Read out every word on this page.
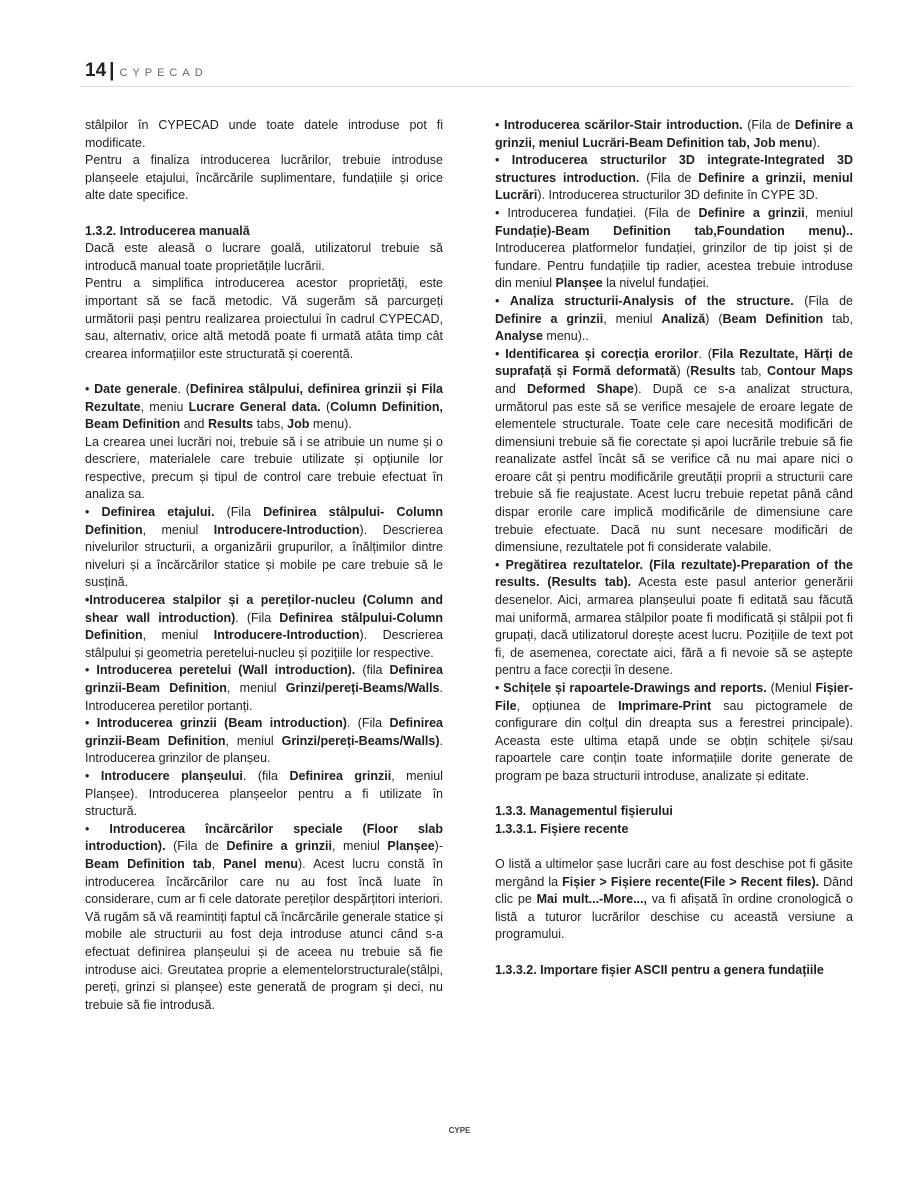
14 | CYPECAD

stâlpilor în CYPECAD unde toate datele introduse pot fi modificate.

Pentru a finaliza introducerea lucrărilor, trebuie introduse planșeele etajului, încărcările suplimentare, fundațiile și orice alte date specifice.

1.3.2. Introducerea manuală

Dacă este aleasă o lucrare goală, utilizatorul trebuie să introducă manual toate proprietățile lucrării.

Pentru a simplifica introducerea acestor proprietăți, este important să se facă metodic. Vă sugerăm să parcurgeți următorii pași pentru realizarea proiectului în cadrul CYPECAD, sau, alternativ, orice altă metodă poate fi urmată atâta timp cât crearea informațiilor este structurată și coerentă.

• Date generale. (Definirea stâlpului, definirea grinzii și Fila Rezultate, meniu Lucrare General data. (Column Definition, Beam Definition and Results tabs, Job menu).

La crearea unei lucrări noi, trebuie să i se atribuie un nume și o descriere, materialele care trebuie utilizate și opțiunile lor respective, precum și tipul de control care trebuie efectuat în analiza sa.

• Definirea etajului. (Fila Definirea stâlpului- Column Definition, meniul Introducere-Introduction). Descrierea nivelurilor structurii, a organizării grupurilor, a înălțimilor dintre niveluri și a încărcărilor statice și mobile pe care trebuie să le susțină.

•Introducerea stalpilor și a pereților-nucleu (Column and shear wall introduction). (Fila Definirea stâlpului-Column Definition, meniul Introducere-Introduction). Descrierea stâlpului și geometria peretelui-nucleu și pozițiile lor respective.

• Introducerea peretelui (Wall introduction). (fila Definirea grinzii-Beam Definition, meniul Grinzi/pereți-Beams/Walls. Introducerea peretilor portanți.

• Introducerea grinzii (Beam introduction). (Fila Definirea grinzii-Beam Definition, meniul Grinzi/pereți-Beams/Walls). Introducerea grinzilor de planșeu.

• Introducere planșeului. (fila Definirea grinzii, meniul Planșee). Introducerea planșeelor pentru a fi utilizate în structură.

• Introducerea încărcărilor speciale (Floor slab introduction). (Fila de Definire a grinzii, meniul Planșee)-Beam Definition tab, Panel menu). Acest lucru constă în introducerea încărcărilor care nu au fost încă luate în considerare, cum ar fi cele datorate pereților despărțitori interiori. Vă rugăm să vă reamintiți faptul că încărcările generale statice și mobile ale structurii au fost deja introduse atunci când s-a efectuat definirea planșeului și de aceea nu trebuie să fie introduse aici. Greutatea proprie a elementelorstructurale(stâlpi, pereți, grinzi si planșee) este generată de program și deci, nu trebuie să fie introdusă.

• Introducerea scărilor-Stair introduction. (Fila de Definire a grinzii, meniul Lucrări-Beam Definition tab, Job menu).

• Introducerea structurilor 3D integrate-Integrated 3D structures introduction. (Fila de Definire a grinzii, meniul Lucrări). Introducerea structurilor 3D definite în CYPE 3D.

• Introducerea fundației. (Fila de Definire a grinzii, meniul Fundație)-Beam Definition tab,Foundation menu).. Introducerea platformelor fundației, grinzilor de tip joist și de fundare. Pentru fundațiile tip radier, acestea trebuie introduse din meniul Planșee la nivelul fundației.

• Analiza structurii-Analysis of the structure. (Fila de Definire a grinzii, meniul Analiză) (Beam Definition tab, Analyse menu)..

• Identificarea și corecția erorilor. (Fila Rezultate, Hărți de suprafață și Formă deformată) (Results tab, Contour Maps and Deformed Shape). După ce s-a analizat structura, următorul pas este să se verifice mesajele de eroare legate de elementele structurale. Toate cele care necesită modificări de dimensiuni trebuie să fie corectate și apoi lucrările trebuie să fie reanalizate astfel încât să se verifice că nu mai apare nici o eroare cât și pentru modificările greutății proprii a structurii care trebuie să fie reajustate. Acest lucru trebuie repetat până când dispar erorile care implică modificările de dimensiune care trebuie efectuate. Dacă nu sunt necesare modificări de dimensiune, rezultatele pot fi considerate valabile.

• Pregătirea rezultatelor. (Fila rezultate)-Preparation of the results. (Results tab). Acesta este pasul anterior generării desenelor. Aici, armarea planșeului poate fi editată sau făcută mai uniformă, armarea stâlpilor poate fi modificată și stâlpii pot fi grupați, dacă utilizatorul dorește acest lucru. Pozițiile de text pot fi, de asemenea, corectate aici, fără a fi nevoie să se aștepte pentru a face corecții în desene.

• Schițele și rapoartele-Drawings and reports. (Meniul Fișier-File, opțiunea de Imprimare-Print sau pictogramele de configurare din colțul din dreapta sus a ferestrei principale). Aceasta este ultima etapă unde se obțin schițele și/sau rapoartele care conțin toate informațiile dorite generate de program pe baza structurii introduse, analizate și editate.

1.3.3. Managementul fișierului

1.3.3.1. Fișiere recente

O listă a ultimelor șase lucrări care au fost deschise pot fi găsite mergând la Fișier > Fișiere recente(File > Recent files). Dând clic pe Mai mult...-More..., va fi afișată în ordine cronologică o listă a tuturor lucrărilor deschise cu această versiune a programului.

1.3.3.2. Importare fișier ASCII pentru a genera fundațiile

CYPE
